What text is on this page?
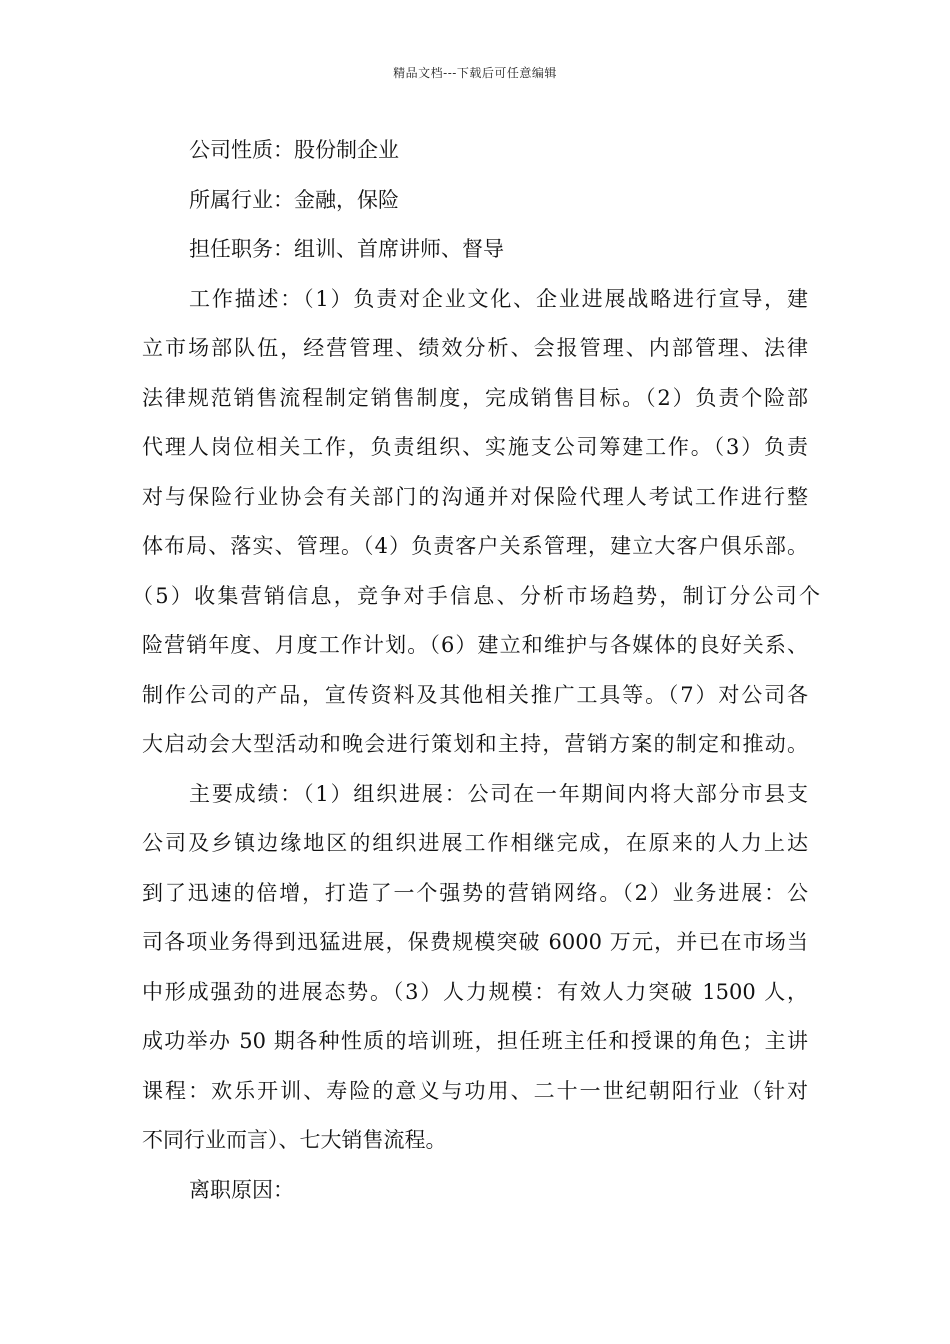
精品文档---下载后可任意编辑

公司性质：股份制企业

所属行业：金融，保险

担任职务：组训、首席讲师、督导

工作描述：（1）负责对企业文化、企业进展战略进行宣导，建
立市场部队伍，经营管理、绩效分析、会报管理、内部管理、法律
法律规范销售流程制定销售制度，完成销售目标。（2）负责个险部
代理人岗位相关工作，负责组织、实施支公司筹建工作。（3）负责
对与保险行业协会有关部门的沟通并对保险代理人考试工作进行整
体布局、落实、管理。（4）负责客户关系管理，建立大客户俱乐部。
（5）收集营销信息，竞争对手信息、分析市场趋势，制订分公司个
险营销年度、月度工作计划。（6）建立和维护与各媒体的良好关系、
制作公司的产品，宣传资料及其他相关推广工具等。（7）对公司各
大启动会大型活动和晚会进行策划和主持，营销方案的制定和推动。
主要成绩：（1）组织进展：公司在一年期间内将大部分市县支
公司及乡镇边缘地区的组织进展工作相继完成，在原来的人力上达
到了迅速的倍增，打造了一个强势的营销网络。（2）业务进展：公
司各项业务得到迅猛进展，保费规模突破 6000 万元，并已在市场当
中形成强劲的进展态势。（3）人力规模：有效人力突破 1500 人，
成功举办 50 期各种性质的培训班，担任班主任和授课的角色；主讲
课程：欢乐开训、寿险的意义与功用、二十一世纪朝阳行业（针对
不同行业而言）、七大销售流程。

离职原因：
